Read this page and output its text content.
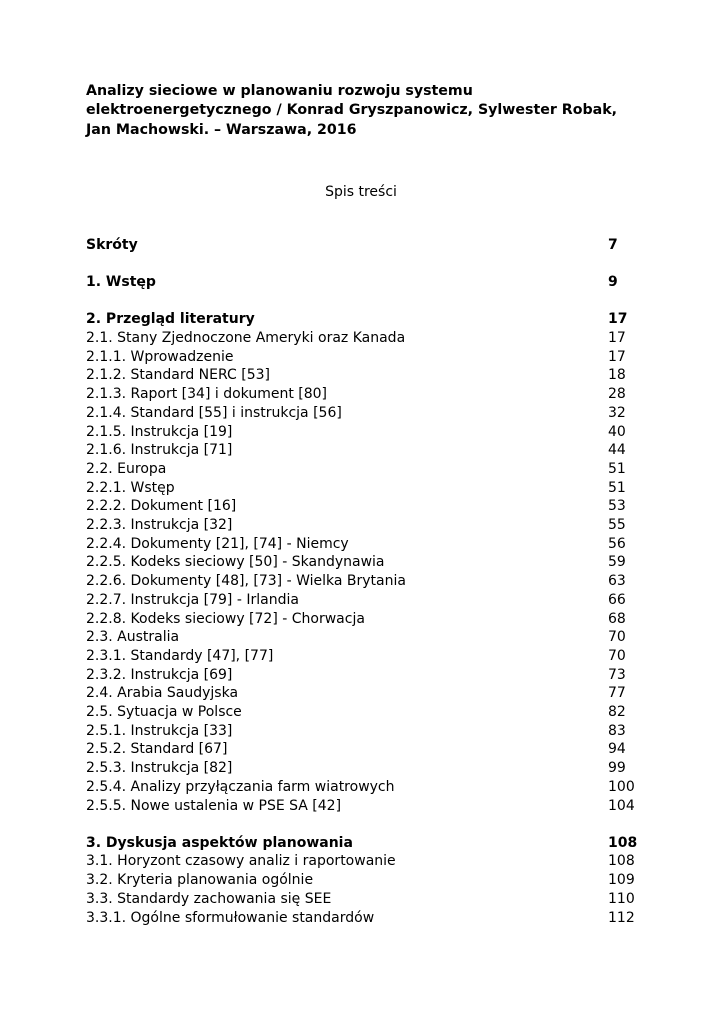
Analizy sieciowe w planowaniu rozwoju systemu elektroenergetycznego / Konrad Gryszpanowicz, Sylwester Robak, Jan Machowski. – Warszawa, 2016

Spis treści
Skróty	7
1. Wstęp	9
2. Przegląd literatury	17
2.1. Stany Zjednoczone Ameryki oraz Kanada	17
2.1.1. Wprowadzenie	17
2.1.2. Standard NERC [53]	18
2.1.3. Raport [34] i dokument [80]	28
2.1.4. Standard [55] i instrukcja [56]	32
2.1.5. Instrukcja [19]	40
2.1.6. Instrukcja [71]	44
2.2. Europa	51
2.2.1. Wstęp	51
2.2.2. Dokument [16]	53
2.2.3. Instrukcja [32]	55
2.2.4. Dokumenty [21], [74] - Niemcy	56
2.2.5. Kodeks sieciowy [50] - Skandynawia	59
2.2.6. Dokumenty [48], [73] - Wielka Brytania	63
2.2.7. Instrukcja [79] - Irlandia	66
2.2.8. Kodeks sieciowy [72] - Chorwacja	68
2.3. Australia	70
2.3.1. Standardy [47], [77]	70
2.3.2. Instrukcja [69]	73
2.4. Arabia Saudyjska	77
2.5. Sytuacja w Polsce	82
2.5.1. Instrukcja [33]	83
2.5.2. Standard [67]	94
2.5.3. Instrukcja [82]	99
2.5.4. Analizy przyłączania farm wiatrowych	100
2.5.5. Nowe ustalenia w PSE SA [42]	104
3. Dyskusja aspektów planowania	108
3.1. Horyzont czasowy analiz i raportowanie	108
3.2. Kryteria planowania ogólnie	109
3.3. Standardy zachowania się SEE	110
3.3.1. Ogólne sformułowanie standardów	112
